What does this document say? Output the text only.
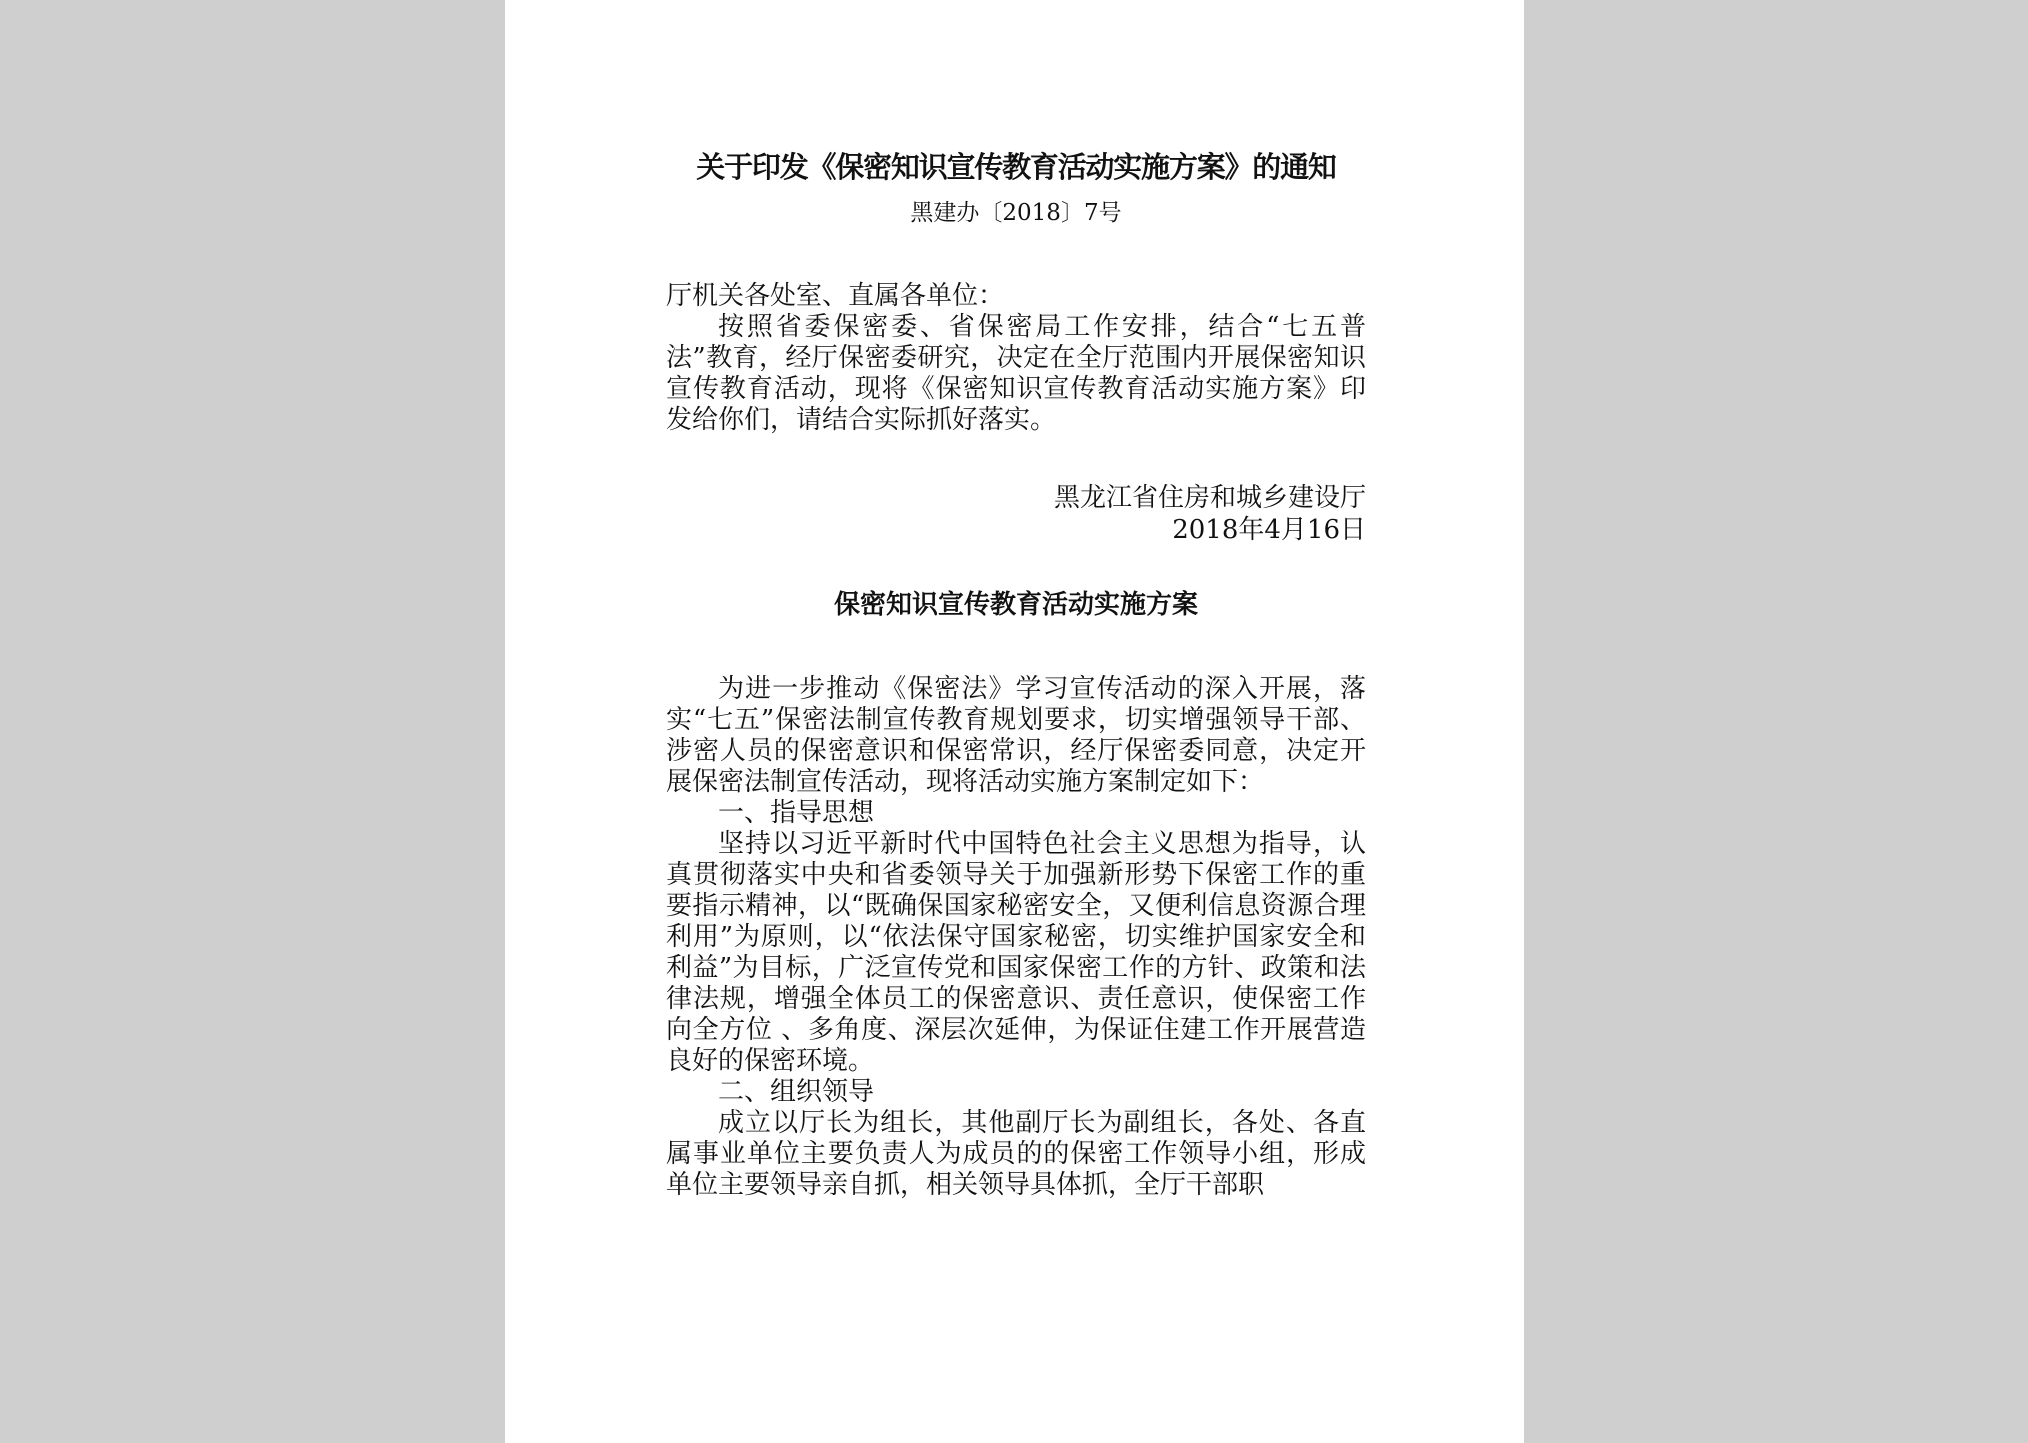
关于印发《保密知识宣传教育活动实施方案》的通知
黑建办〔2018〕7号
厅机关各处室、直属各单位：

按照省委保密委、省保密局工作安排，结合“七五普法”教育，经厅保密委研究，决定在全厅范围内开展保密知识宣传教育活动，现将《保密知识宣传教育活动实施方案》印发给你们，请结合实际抓好落实。

黑龙江省住房和城乡建设厅
2018年4月16日
保密知识宣传教育活动实施方案

为进一步推动《保密法》学习宣传活动的深入开展，落实“七五”保密法制宣传教育规划要求，切实增强领导干部、涉密人员的保密意识和保密常识，经厅保密委同意，决定开展保密法制宣传活动，现将活动实施方案制定如下：

一、指导思想

坚持以习近平新时代中国特色社会主义思想为指导，认真贯彻落实中央和省委领导关于加强新形势下保密工作的重要指示精神，以“既确保国家秘密安全，又便利信息资源合理利用”为原则，以“依法保守国家秘密，切实维护国家安全和利益”为目标，广泛宣传党和国家保密工作的方针、政策和法律法规，增强全体员工的保密意识、责任意识，使保密工作向全方位 、多角度、深层次延伸，为保证住建工作开展营造良好的保密环境。

二、组织领导

成立以厅长为组长，其他副厅长为副组长，各处、各直属事业单位主要负责人为成员的的保密工作领导小组，形成单位主要领导亲自抓，相关领导具体抓，全厅干部职
